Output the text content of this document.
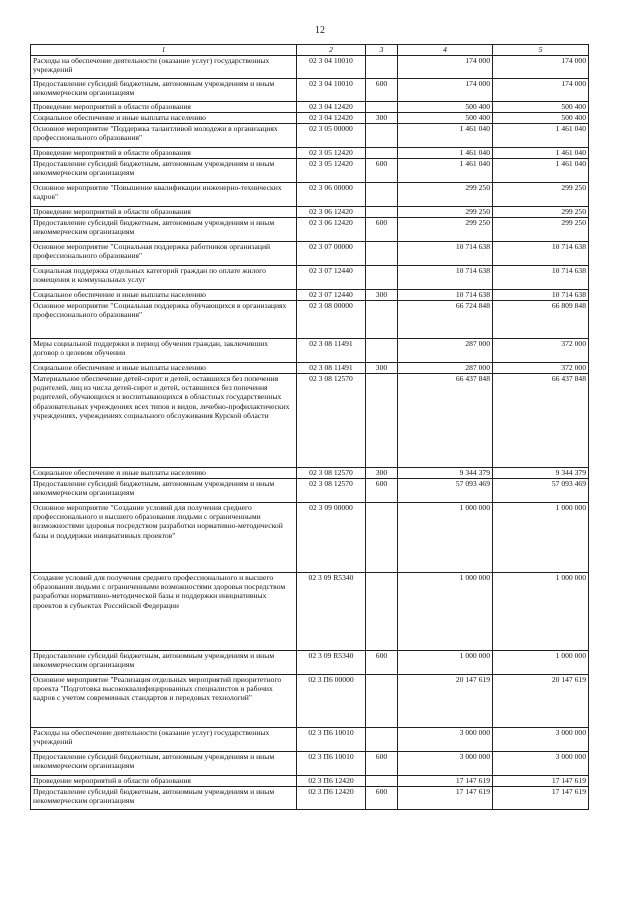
12
1	2	3	4	5
Расходы на обеспечение деятельности (оказание услуг) государственных учреждений	02 3 04 10010		174 000	174 000
Предоставление субсидий бюджетным, автономным учреждениям и иным некоммерческим организациям	02 3 04 10010	600	174 000	174 000
Проведение мероприятий в области образования	02 3 04 12420		500 400	500 400
Социальное обеспечение и иные выплаты населению	02 3 04 12420	300	500 400	500 400
Основное мероприятие "Поддержка талантливой молодежи в организациях профессионального образования"	02 3 05 00000		1 461 040	1 461 040
Проведение мероприятий в области образования	02 3 05 12420		1 461 040	1 461 040
Предоставление субсидий бюджетным, автономным учреждениям и иным некоммерческим организациям	02 3 05 12420	600	1 461 040	1 461 040
Основное мероприятие "Повышение квалификации инженерно-технических кадров"	02 3 06 00000		299 250	299 250
Проведение мероприятий в области образования	02 3 06 12420		299 250	299 250
Предоставление субсидий бюджетным, автономным учреждениям и иным некоммерческим организациям	02 3 06 12420	600	299 250	299 250
Основное мероприятие "Социальная поддержка работников организаций профессионального образования"	02 3 07 00000		10 714 638	10 714 638
Социальная поддержка отдельных категорий граждан по оплате жилого помещения и коммунальных услуг	02 3 07 12440		10 714 638	10 714 638
Социальное обеспечение и иные выплаты населению	02 3 07 12440	300	10 714 638	10 714 638
Основное мероприятие "Социальная поддержка обучающихся в организациях профессионального образования"	02 3 08 00000		66 724 848	66 809 848
Меры социальной поддержки в период обучения граждан, заключивших договор о целевом обучении	02 3 08 11491		287 000	372 000
Социальное обеспечение и иные выплаты населению	02 3 08 11491	300	287 000	372 000
Материальное обеспечение детей-сирот и детей, оставшихся без попечения родителей, лиц из числа детей-сирот и детей, оставшихся без попечения родителей, обучающихся и воспитывающихся в областных государственных образовательных учреждениях всех типов и видов, лечебно-профилактических учреждениях, учреждениях социального обслуживания Курской области	02 3 08 12570		66 437 848	66 437 848
Социальное обеспечение и иные выплаты населению	02 3 08 12570	300	9 344 379	9 344 379
Предоставление субсидий бюджетным, автономным учреждениям и иным некоммерческим организациям	02 3 08 12570	600	57 093 469	57 093 469
Основное мероприятие "Создание условий для получения среднего профессионального и высшего образования людьми с ограниченными возможностями здоровья посредством разработки нормативно-методической базы и поддержки инициативных проектов"	02 3 09 00000		1 000 000	1 000 000
Создание условий для получения среднего профессионального и высшего образования людьми с ограниченными возможностями здоровья посредством разработки нормативно-методической базы и поддержки инициативных проектов в субъектах Российской Федерации	02 3 09 R5340		1 000 000	1 000 000
Предоставление субсидий бюджетным, автономным учреждениям и иным некоммерческим организациям	02 3 09 R5340	600	1 000 000	1 000 000
Основное мероприятие "Реализация отдельных мероприятий приоритетного проекта "Подготовка высококвалифицированных специалистов и рабочих кадров с учетом современных стандартов и передовых технологий"	02 3 П6 00000		20 147 619	20 147 619
Расходы на обеспечение деятельности (оказание услуг) государственных учреждений	02 3 П6 10010		3 000 000	3 000 000
Предоставление субсидий бюджетным, автономным учреждениям и иным некоммерческим организациям	02 3 П6 10010	600	3 000 000	3 000 000
Проведение мероприятий в области образования	02 3 П6 12420		17 147 619	17 147 619
Предоставление субсидий бюджетным, автономным учреждениям и иным некоммерческим организациям	02 3 П6 12420	600	17 147 619	17 147 619
